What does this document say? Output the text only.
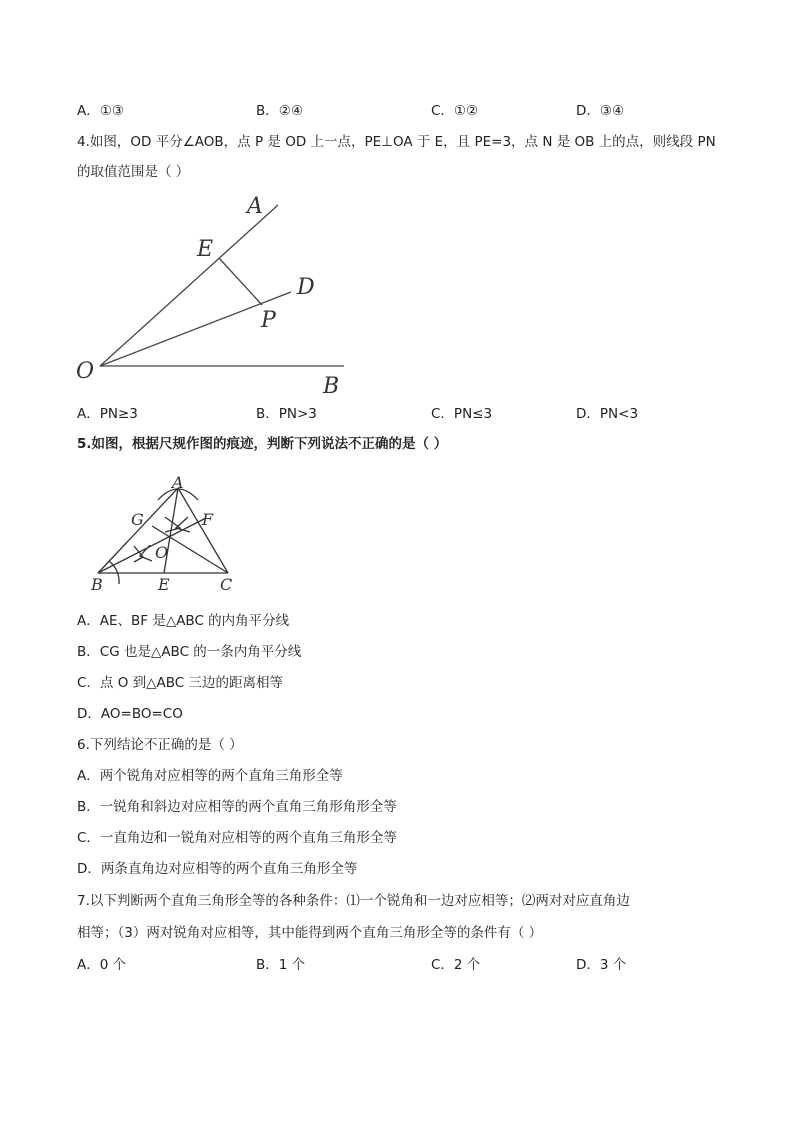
A．①③	B．②④	C．①②	D．③④
4.如图，OD 平分∠AOB，点 P 是 OD 上一点，PE⊥OA 于 E，且 PE=3，点 N 是 OB 上的点，则线段 PN
的取值范围是（ ）
A
E
D
P
O
B
A．PN≥3	B．PN>3	C．PN≤3	D．PN<3
5.如图，根据尺规作图的痕迹，判断下列说法不正确的是（ ）
A
G	F
O
B	E	C
A．AE、BF 是△ABC 的内角平分线
B．CG 也是△ABC 的一条内角平分线
C．点 O 到△ABC 三边的距离相等
D．AO=BO=CO
6.下列结论不正确的是（ ）
A．两个锐角对应相等的两个直角三角形全等
B．一锐角和斜边对应相等的两个直角三角形角形全等
C．一直角边和一锐角对应相等的两个直角三角形全等
D．两条直角边对应相等的两个直角三角形全等
7.以下判断两个直角三角形全等的各种条件：⑴一个锐角和一边对应相等；⑵两对对应直角边
相等；（3）两对锐角对应相等，其中能得到两个直角三角形全等的条件有（ ）
A．0 个	B．1 个	C．2 个	D．3 个
